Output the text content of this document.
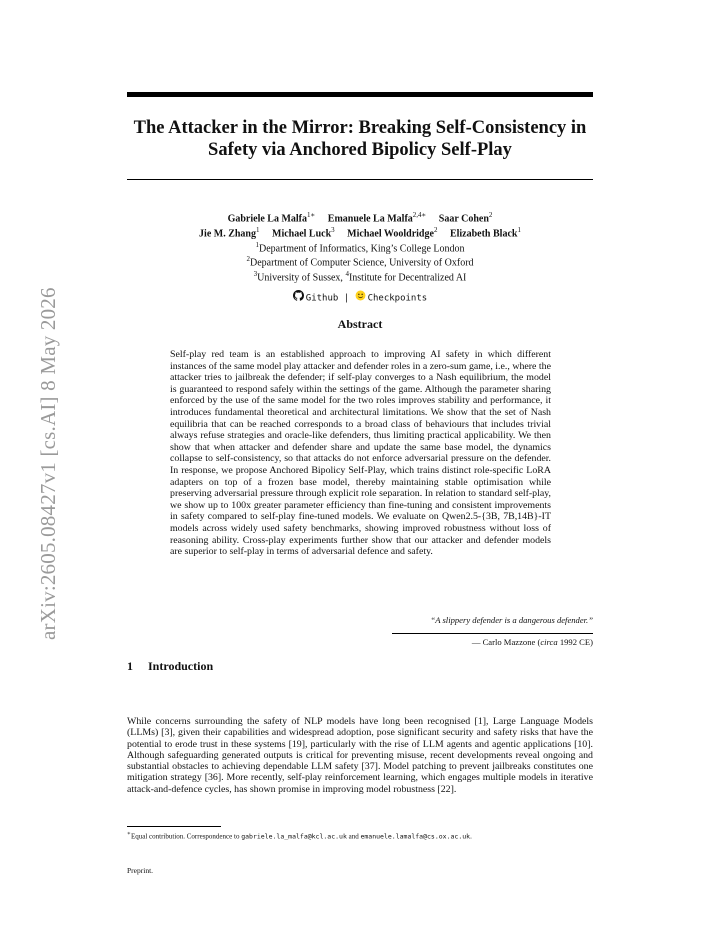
arXiv:2605.08427v1 [cs.AI] 8 May 2026
The Attacker in the Mirror: Breaking Self-Consistency in Safety via Anchored Bipolicy Self-Play
Gabriele La Malfa$^{1∗}$ Emanuele La Malfa$^{2,4∗}$ Saar Cohen$^2$
Jie M. Zhang$^1$ Michael Luck$^3$ Michael Wooldridge$^2$ Elizabeth Black$^1$
$^1$Department of Informatics, King’s College London
$^2$Department of Computer Science, University of Oxford
$^3$University of Sussex, $^4$Institute for Decentralized AI
Github | Checkpoints
Abstract
Self-play red team is an established approach to improving AI safety in which different instances of the same model play attacker and defender roles in a zero-sum game, i.e., where the attacker tries to jailbreak the defender; if self-play converges to a Nash equilibrium, the model is guaranteed to respond safely within the settings of the game. Although the parameter sharing enforced by the use of the same model for the two roles improves stability and performance, it introduces fundamental theoretical and architectural limitations. We show that the set of Nash equilibria that can be reached corresponds to a broad class of behaviours that includes trivial always refuse strategies and oracle-like defenders, thus limiting practical applicability. We then show that when attacker and defender share and update the same base model, the dynamics collapse to self-consistency, so that attacks do not enforce adversarial pressure on the defender. In response, we propose Anchored Bipolicy Self-Play, which trains distinct role-specific LoRA adapters on top of a frozen base model, thereby maintaining stable optimisation while preserving adversarial pressure through explicit role separation. In relation to standard self-play, we show up to 100x greater parameter efficiency than fine-tuning and consistent improvements in safety compared to self-play fine-tuned models. We evaluate on Qwen2.5-{3B, 7B,14B}-IT models across widely used safety benchmarks, showing improved robustness without loss of reasoning ability. Cross-play experiments further show that our attacker and defender models are superior to self-play in terms of adversarial defence and safety.
“A slippery defender is a dangerous defender.”
— Carlo Mazzone (circa 1992 CE)
1 Introduction
While concerns surrounding the safety of NLP models have long been recognised [1], Large Language Models (LLMs) [3], given their capabilities and widespread adoption, pose significant security and safety risks that have the potential to erode trust in these systems [19], particularly with the rise of LLM agents and agentic applications [10]. Although safeguarding generated outputs is critical for preventing misuse, recent developments reveal ongoing and substantial obstacles to achieving dependable LLM safety [37]. Model patching to prevent jailbreaks constitutes one mitigation strategy [36]. More recently, self-play reinforcement learning, which engages multiple models in iterative attack-and-defence cycles, has shown promise in improving model robustness [22].
∗Equal contribution. Correspondence to gabriele.la_malfa@kcl.ac.uk and emanuele.lamalfa@cs.ox.ac.uk.
Preprint.
